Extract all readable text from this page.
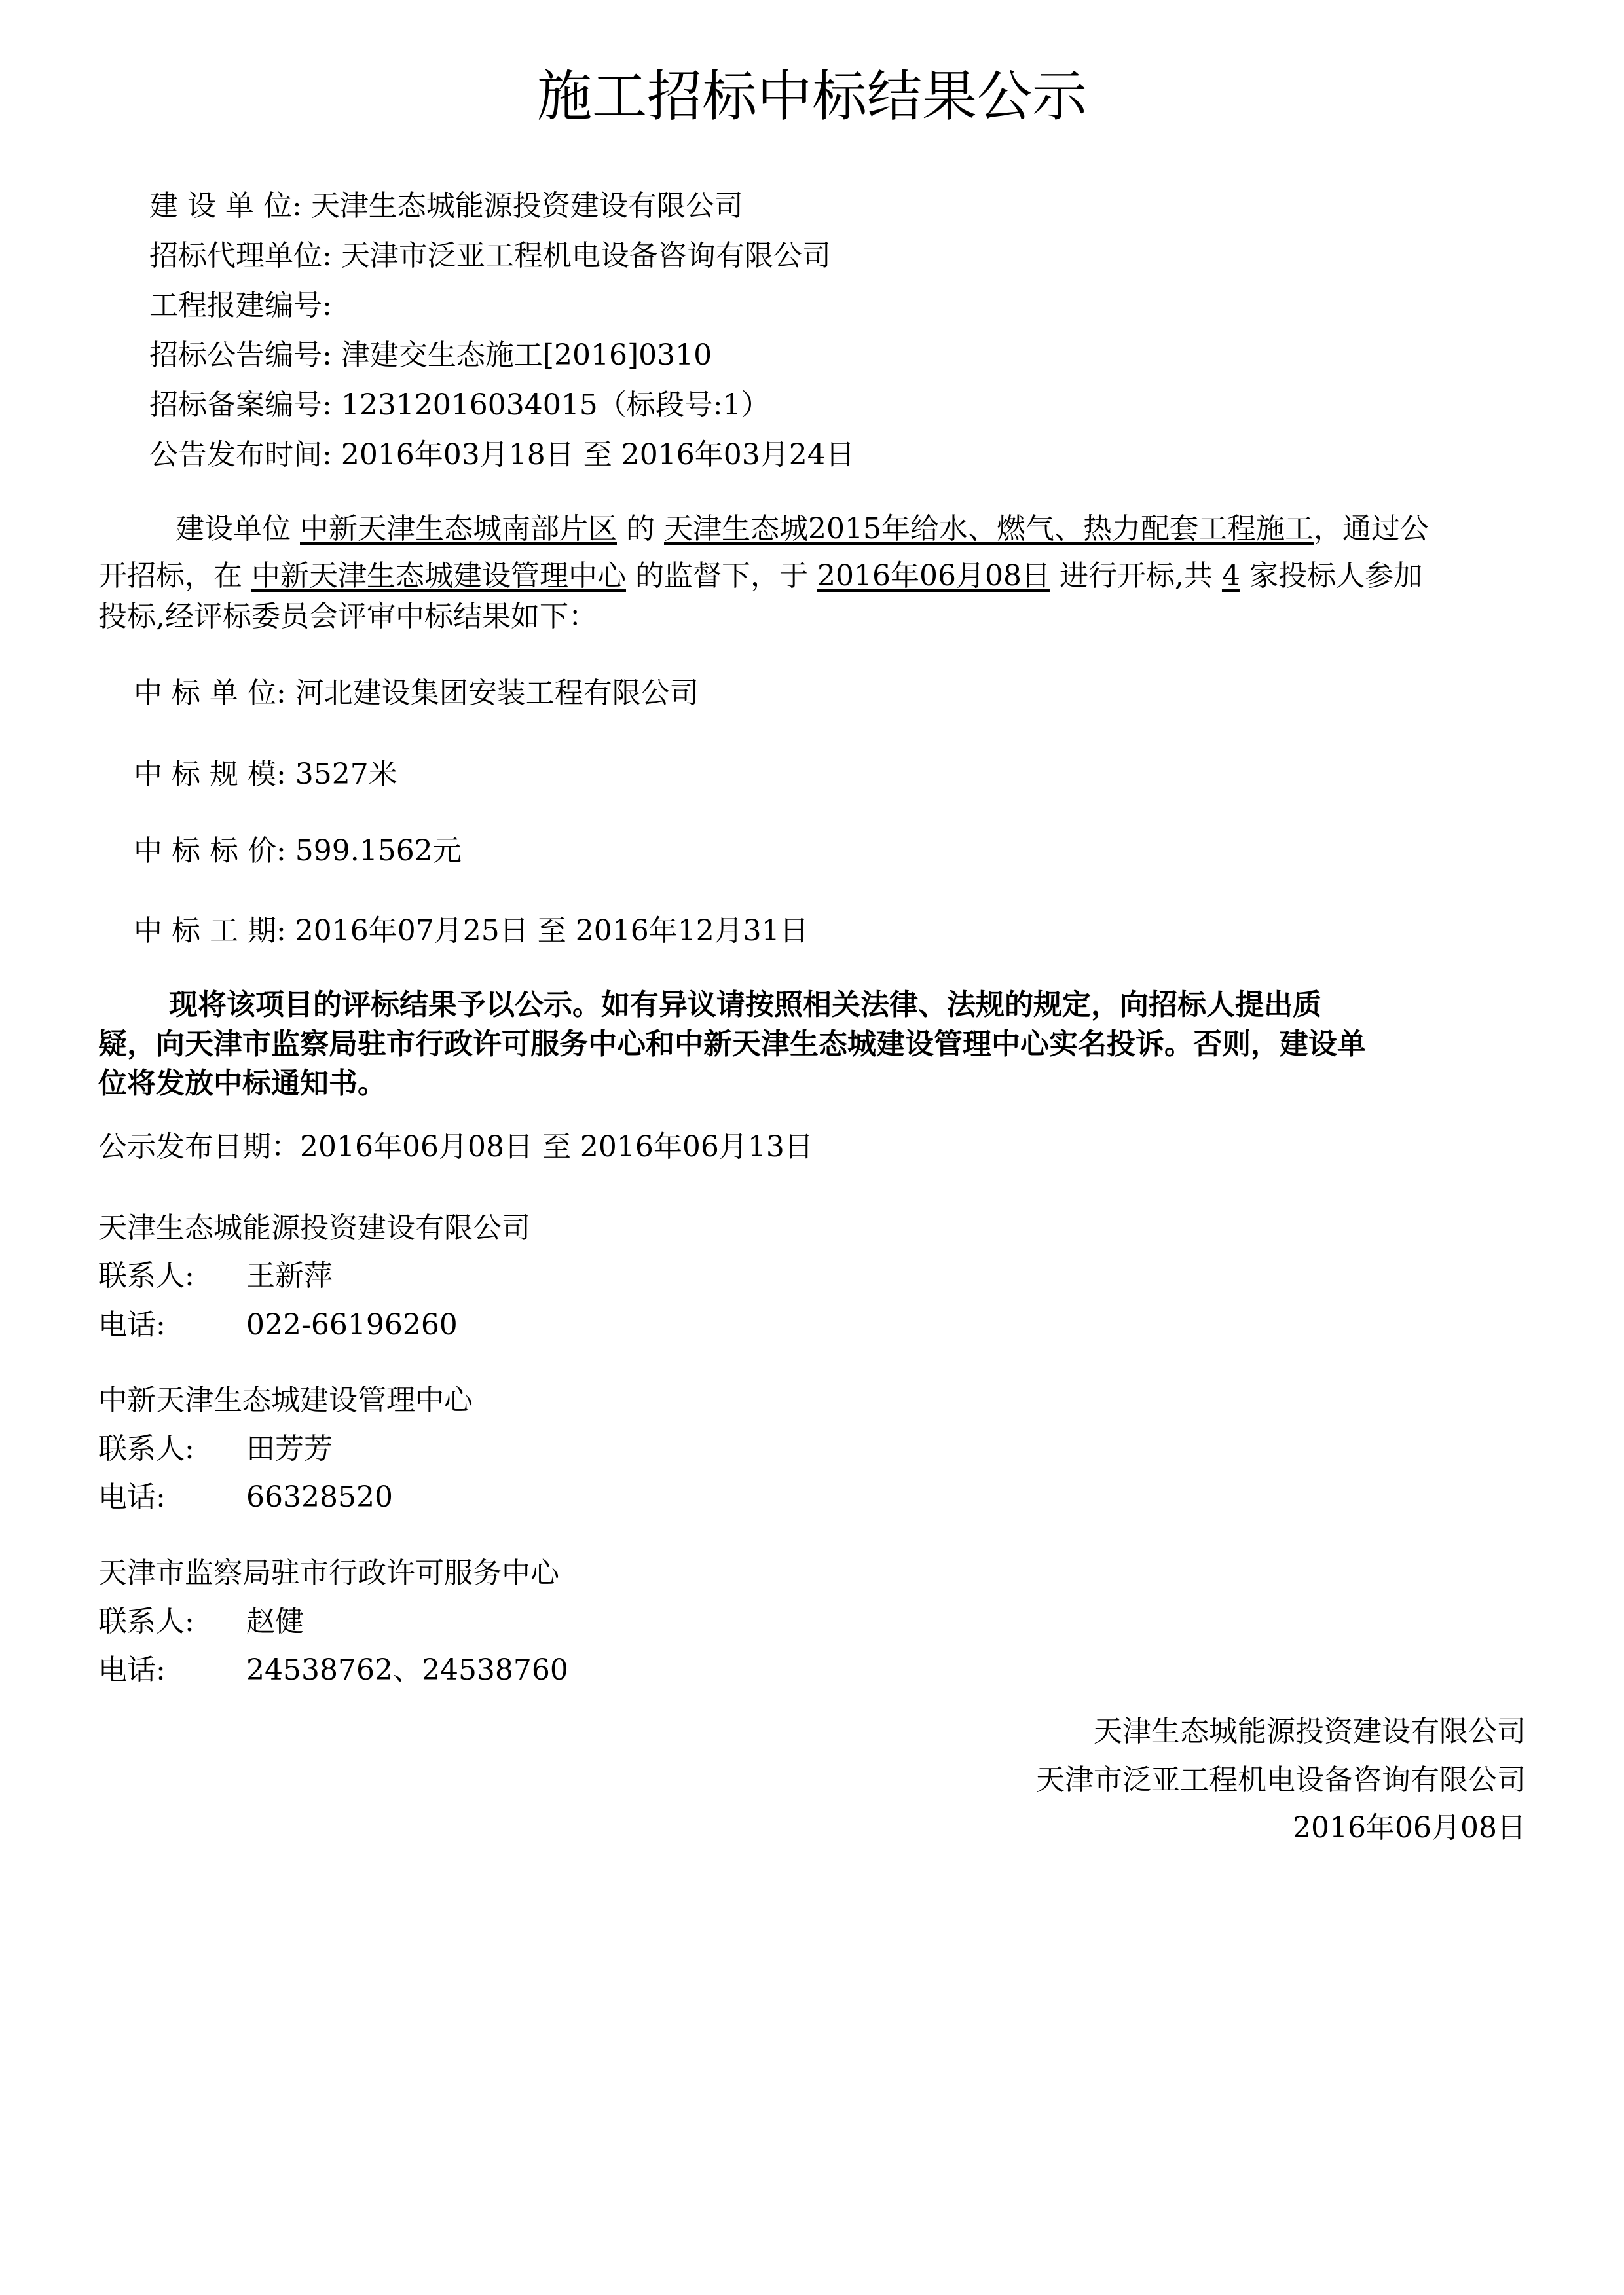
施工招标中标结果公示
建 设 单 位: 天津生态城能源投资建设有限公司
招标代理单位: 天津市泛亚工程机电设备咨询有限公司
工程报建编号:
招标公告编号: 津建交生态施工[2016]0310
招标备案编号: 12312016034015（标段号:1）
公告发布时间: 2016年03月18日 至 2016年03月24日
建设单位 中新天津生态城南部片区 的 天津生态城2015年给水、燃气、热力配套工程施工，通过公
开招标，在 中新天津生态城建设管理中心 的监督下，于 2016年06月08日 进行开标,共 4 家投标人参加
投标,经评标委员会评审中标结果如下：
中 标 单 位: 河北建设集团安装工程有限公司
中 标 规 模: 3527米
中 标 标 价: 599.1562元
中 标 工 期: 2016年07月25日 至 2016年12月31日
现将该项目的评标结果予以公示。如有异议请按照相关法律、法规的规定，向招标人提出质
疑，向天津市监察局驻市行政许可服务中心和中新天津生态城建设管理中心实名投诉。否则，建设单
位将发放中标通知书。
公示发布日期：2016年06月08日 至 2016年06月13日
天津生态城能源投资建设有限公司
联系人: 王新萍
电话:	022-66196260
中新天津生态城建设管理中心
联系人: 田芳芳
电话:	66328520
天津市监察局驻市行政许可服务中心
联系人: 赵健
电话:	24538762、24538760
天津生态城能源投资建设有限公司
天津市泛亚工程机电设备咨询有限公司
2016年06月08日
